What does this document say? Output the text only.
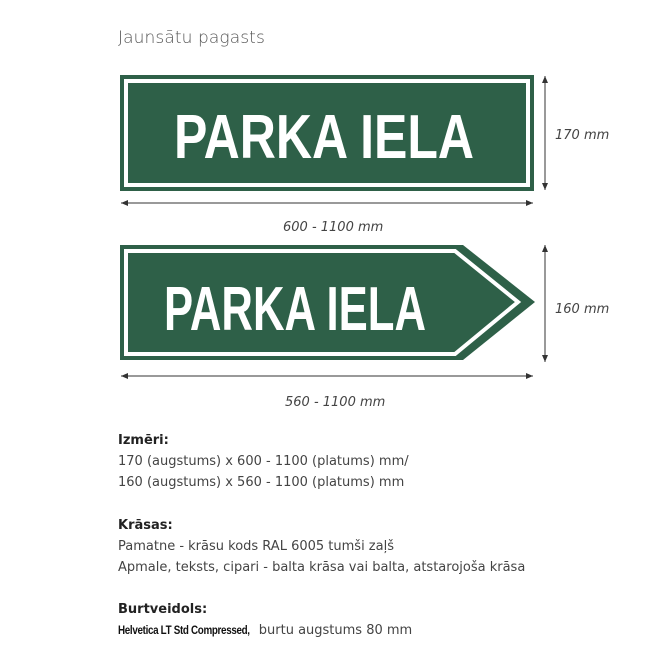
Jaunsātu pagasts
PARKA IELA
PARKA IELA
170 mm
600 - 1100 mm
160 mm
560 - 1100 mm
Izmēri:
170 (augstums) x 600 - 1100 (platums) mm/
160 (augstums) x 560 - 1100 (platums) mm
Krāsas:
Pamatne - krāsu kods RAL 6005 tumši zaļš
Apmale, teksts, cipari - balta krāsa vai balta, atstarojoša krāsa
Burtveidols:
Helvetica LT Std Compressed, burtu augstums 80 mm
